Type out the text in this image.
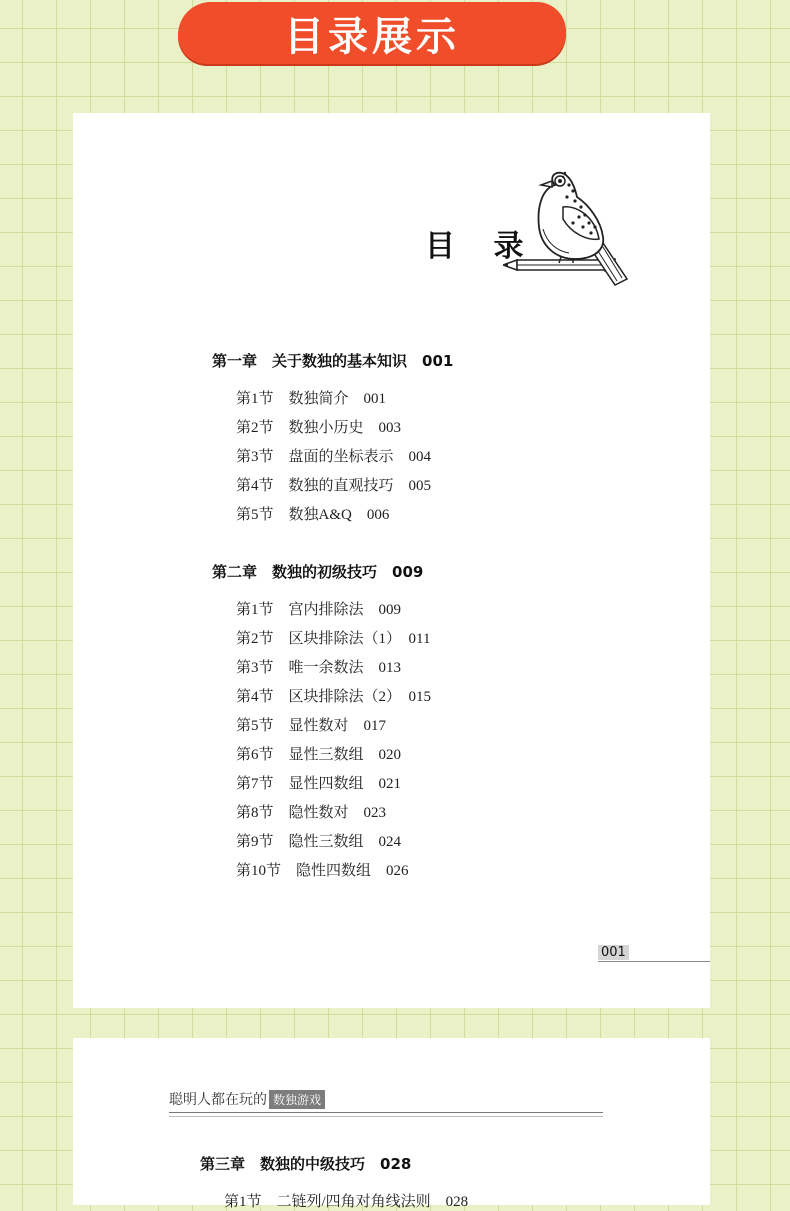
目录展示
目 录
第一章　关于数独的基本知识　001
第1节　数独简介　001
第2节　数独小历史　003
第3节　盘面的坐标表示　004
第4节　数独的直观技巧　005
第5节　数独A&Q　006
第二章　数独的初级技巧　009
第1节　宫内排除法　009
第2节　区块排除法（1）　011
第3节　唯一余数法　013
第4节　区块排除法（2）　015
第5节　显性数对　017
第6节　显性三数组　020
第7节　显性四数组　021
第8节　隐性数对　023
第9节　隐性三数组　024
第10节　隐性四数组　026
001
聪明人都在玩的 数独游戏
第三章　数独的中级技巧　028
第1节　二链列/四角对角线法则　028
